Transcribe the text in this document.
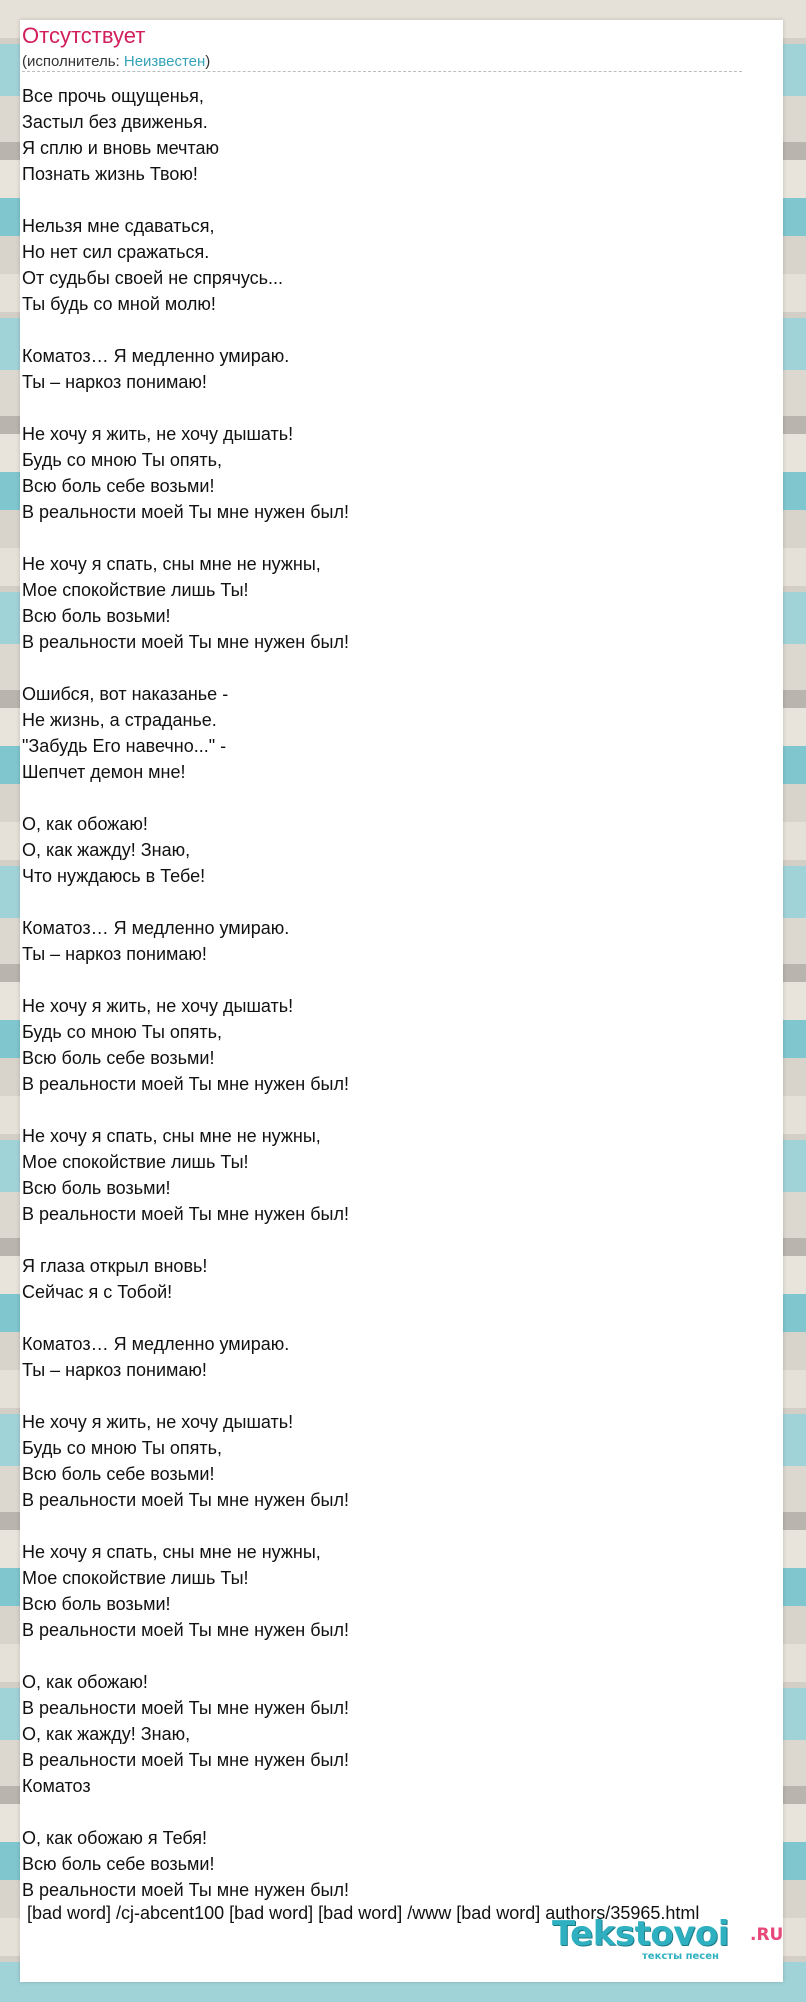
Отсутствует
(исполнитель: Неизвестен)
Все прочь ощущенья,
Застыл без движенья.
Я сплю и вновь мечтаю
Познать жизнь Твою!

Нельзя мне сдаваться,
Но нет сил сражаться.
От судьбы своей не спрячусь...
Ты будь со мной молю!

Коматоз… Я медленно умираю.
Ты – наркоз понимаю!

Не хочу я жить, не хочу дышать!
Будь со мною Ты опять,
Всю боль себе возьми!
В реальности моей Ты мне нужен был!

Не хочу я спать, сны мне не нужны,
Мое спокойствие лишь Ты!
Всю боль возьми!
В реальности моей Ты мне нужен был!

Ошибся, вот наказанье -
Не жизнь, а страданье.
"Забудь Его навечно..." -
Шепчет демон мне!

О, как обожаю!
О, как жажду! Знаю,
Что нуждаюсь в Тебе!

Коматоз… Я медленно умираю.
Ты – наркоз понимаю!

Не хочу я жить, не хочу дышать!
Будь со мною Ты опять,
Всю боль себе возьми!
В реальности моей Ты мне нужен был!

Не хочу я спать, сны мне не нужны,
Мое спокойствие лишь Ты!
Всю боль возьми!
В реальности моей Ты мне нужен был!

Я глаза открыл вновь!
Сейчас я с Тобой!

Коматоз… Я медленно умираю.
Ты – наркоз понимаю!

Не хочу я жить, не хочу дышать!
Будь со мною Ты опять,
Всю боль себе возьми!
В реальности моей Ты мне нужен был!

Не хочу я спать, сны мне не нужны,
Мое спокойствие лишь Ты!
Всю боль возьми!
В реальности моей Ты мне нужен был!

О, как обожаю!
В реальности моей Ты мне нужен был!
О, как жажду! Знаю,
В реальности моей Ты мне нужен был!
Коматоз

О, как обожаю я Тебя!
Всю боль себе возьми!
В реальности моей Ты мне нужен был!
[bad word] /cj-abcent100 [bad word] [bad word] /www [bad word] authors/35965.html
Tekstovoi .RU
тексты песен
